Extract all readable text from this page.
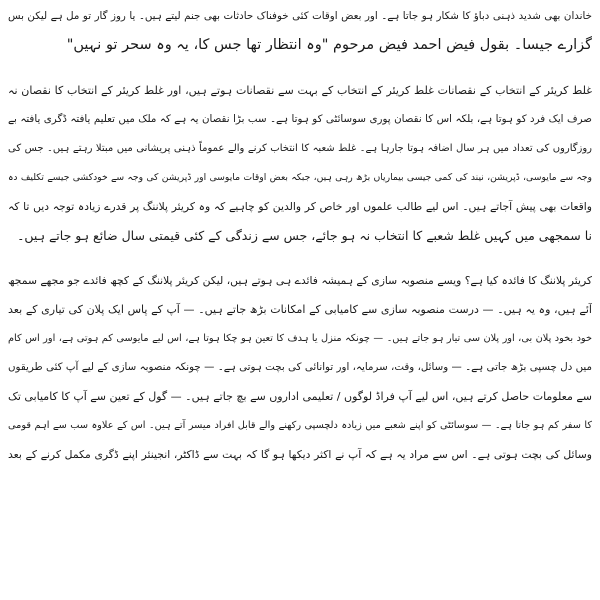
خاندان بھی شدید ذہنی دباؤ کا شکار ہو جاتا ہے۔ اور بعض اوقات کئی خوفناک حادثات بھی جنم لیتے ہیں۔ یا روز گار تو مل ہے لیکن بس
گزارے جیسا۔ بقول فیض احمد فیض مرحوم "وہ انتظار تھا جس کا، یہ وہ سحر تو نہیں"
غلط کریئر کے انتخاب کے نقصانات غلط کریئر کے انتخاب کے بہت سے نقصانات ہوتے ہیں، اور غلط کریئر کے انتخاب کا نقصان نہ
صرف ایک فرد کو ہوتا ہے، بلکہ اس کا نقصان پوری سوسائٹی کو ہوتا ہے۔ سب بڑا نقصان یہ ہے کہ ملک میں تعلیم یافتہ ڈگری یافتہ بے
روزگاروں کی تعداد میں ہر سال اضافہ ہوتا جارہا ہے۔ غلط شعبہ کا انتخاب کرنے والے عموماً ذہنی پریشانی میں مبتلا رہتے ہیں۔ جس کی
وجہ سے مایوسی، ڈپریشن، نیند کی کمی جیسی بیماریاں بڑھ رہی ہیں، جبکہ بعض اوقات مایوسی اور ڈپریشن کی وجہ سے خودکشی جیسے تکلیف دہ
واقعات بھی پیش آجاتے ہیں۔ اس لیے طالب علموں اور خاص کر والدین کو چاہیے کہ وہ کریئر پلاننگ پر قدرے زیادہ توجہ دیں تا کہ
نا سمجھی میں کہیں غلط شعبے کا انتخاب نہ ہو جائے، جس سے زندگی کے کئی قیمتی سال ضائع ہو جاتے ہیں۔
کریئر پلاننگ کا فائدہ کیا ہے؟ ویسے منصوبہ سازی کے ہمیشہ فائدے ہی ہوتے ہیں، لیکن کریئر پلاننگ کے کچھ فائدے جو مجھے سمجھ
آئے ہیں، وہ یہ ہیں۔ — درست منصوبہ سازی سے کامیابی کے امکانات بڑھ جاتے ہیں۔ — آپ کے پاس ایک پلان کی تیاری کے بعد
خود بخود پلان بی، اور پلان سی تیار ہو جاتے ہیں۔ — چونکہ منزل یا ہدف کا تعین ہو چکا ہوتا ہے، اس لیے مایوسی کم ہوتی ہے، اور اس کام
میں دل چسپی بڑھ جاتی ہے۔ — وسائل، وقت، سرمایہ، اور توانائی کی بچت ہوتی ہے۔ — چونکہ منصوبہ سازی کے لیے آپ کئی طریقوں
سے معلومات حاصل کرتے ہیں، اس لیے آپ فراڈ لوگوں / تعلیمی اداروں سے بچ جاتے ہیں۔ — گول کے تعین سے آپ کا کامیابی تک
کا سفر کم ہو جاتا ہے۔ — سوسائٹی کو اپنے شعبے میں زیادہ دلچسپی رکھنے والے قابل افراد میسر آتے ہیں۔ اس کے علاوہ سب سے اہم قومی
وسائل کی بچت ہوتی ہے۔ اس سے مراد یہ ہے کہ آپ نے اکثر دیکھا ہو گا کہ بہت سے ڈاکٹر، انجینئر اپنے ڈگری مکمل کرنے کے بعد
